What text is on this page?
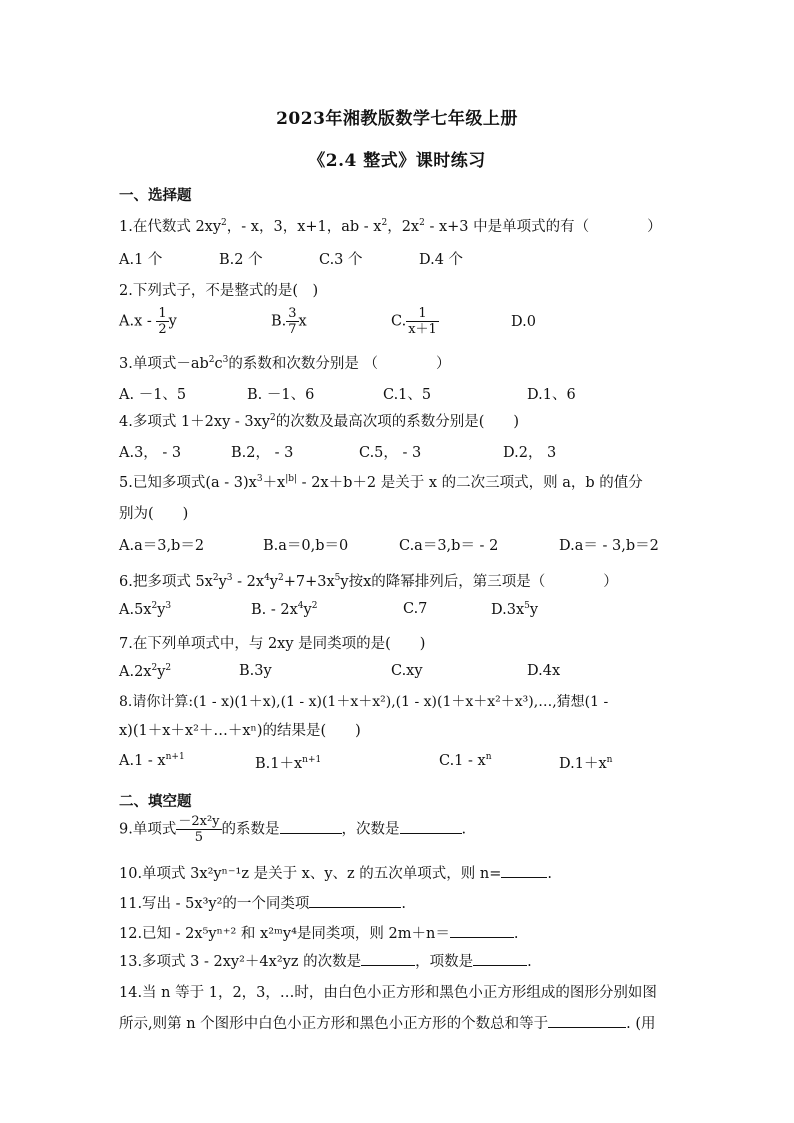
2023年湘教版数学七年级上册
《2.4 整式》课时练习
一、选择题
1.在代数式 $2xy^2$，- x，3，x+1，ab - $x^2$，$2x^2 - x+3$ 中是单项式的有（　　　　）
A.1 个	B.2 个	C.3 个	D.4 个
2.下列式子，不是整式的是(　)
$A.x - \frac{1}{2}$ y	B. $\frac{3}{7}$ x	C. $\frac{1}{x+1}$	D.0
3.单项式$-ab^2c^3$的系数和次数分别是 （　　　　）
A. －1、5	B. －1、6	C.1、5	D.1、6
4.多项式 $1+2xy - 3xy^2$的次数及最高次项的系数分别是(　　)
A.3， - 3	B.2， - 3	C.5， - 3	D.2， 3
5.已知多项式$(a - 3)x^3+x^{|b|} - 2x+b+2$ 是关于 x 的二次三项式，则 a，b 的值分
别为(　　)
A.a＝3,b＝2	B.a＝0,b＝0	C.a＝3,b＝ - 2	D.a＝ - 3,b＝2
6.把多项式 $5x^2y^3 - 2x^4y^2+7+3x^5y$按x的降幂排列后，第三项是（　　　　）
$A.5x^2y^3$	B. - $2x^4y^2$	C.7	$D.3x^5y$
7.在下列单项式中，与 2xy 是同类项的是(　　)
$A.2x^2y^2$	B.3y	C.xy	D.4x
8.请你计算:(1 - x)(1＋x),(1 - x)(1＋x＋x²),(1 - x)(1＋x＋x²＋x³),…,猜想(1 -
x)(1＋x＋x²＋…＋xⁿ)的结果是(　　)
$A.1 - x^{n+1}$	$B.1+x^{n+1}$	$C.1 - x^n$	$D.1+x^n$
二、填空题
9.单项式 $\frac{\text{－2x²y}}{5}$ 的系数是	，次数是	.
10.单项式 3x²yⁿ⁻¹z 是关于 x、y、z 的五次单项式，则 n=	.
11.写出 - 5x³y²的一个同类项	.
12.已知 - 2x⁵yⁿ⁺² 和 x²ᵐy⁴是同类项，则 2m＋n＝	.
13.多项式 3 - 2xy²＋4x²yz 的次数是	，项数是	.
14.当 n 等于 1，2，3，…时，由白色小正方形和黑色小正方形组成的图形分别如图
所示,则第 n 个图形中白色小正方形和黑色小正方形的个数总和等于	. (用
